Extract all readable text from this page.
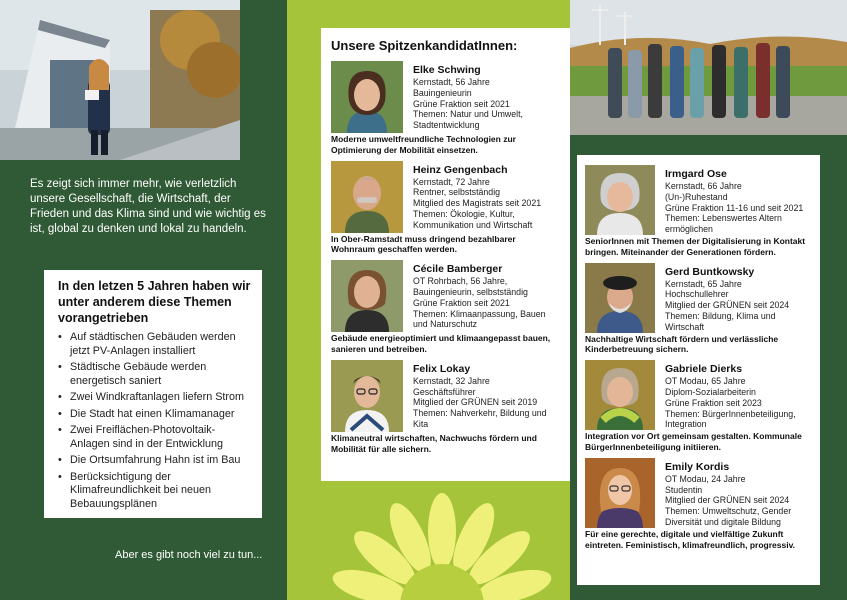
Es zeigt sich immer mehr, wie verletzlich unsere Gesellschaft, die Wirtschaft, der Frieden und das Klima sind und wie wichtig es ist, global zu denken und lokal zu handeln.
In den letzen 5 Jahren haben wir unter anderem diese Themen vorangetrieben
• Auf städtischen Gebäuden werden jetzt PV-Anlagen installiert
• Städtische Gebäude werden energetisch saniert
• Zwei Windkraftanlagen liefern Strom
• Die Stadt hat einen Klimamanager
• Zwei Freiflächen-Photovoltaik-Anlagen sind in der Entwicklung
• Die Ortsumfahrung Hahn ist im Bau
• Berücksichtigung der Klimafreundlichkeit bei neuen Bebauungsplänen
Aber es gibt noch viel zu tun...
Unsere SpitzenkandidatInnen:
Elke Schwing
Kernstadt, 56 Jahre
Bauingenieurin
Grüne Fraktion seit 2021
Themen: Natur und Umwelt, Stadtentwicklung
Moderne umweltfreundliche Technologien zur Optimierung der Mobilität einsetzen.
Heinz Gengenbach
Kernstadt, 72 Jahre
Rentner, selbstständig
Mitglied des Magistrats seit 2021
Themen: Ökologie, Kultur, Kommunikation und Wirtschaft
In Ober-Ramstadt muss dringend bezahlbarer Wohnraum geschaffen werden.
Cécile Bamberger
OT Rohrbach, 56 Jahre,
Bauingenieurin, selbstständig
Grüne Fraktion seit 2021
Themen: Klimaanpassung, Bauen und Naturschutz
Gebäude energieoptimiert und klimaangepasst bauen, sanieren und betreiben.
Felix Lokay
Kernstadt, 32 Jahre
Geschäftsführer
Mitglied der GRÜNEN seit 2019
Themen: Nahverkehr, Bildung und Kita
Klimaneutral wirtschaften, Nachwuchs fördern und Mobilität für alle sichern.
Irmgard Ose
Kernstadt, 66 Jahre
(Un-)Ruhestand
Grüne Fraktion 11-16 und seit 2021
Themen: Lebenswertes Altern ermöglichen
SeniorInnen mit Themen der Digitalisierung in Kontakt bringen. Miteinander der Generationen fördern.
Gerd Buntkowsky
Kernstadt, 65 Jahre
Hochschullehrer
Mitglied der GRÜNEN seit 2024
Themen: Bildung, Klima und Wirtschaft
Nachhaltige Wirtschaft fördern und verlässliche Kinderbetreuung sichern.
Gabriele Dierks
OT Modau, 65 Jahre
Diplom-Sozialarbeiterin
Grüne Fraktion seit 2023
Themen: BürgerInnenbeteiligung, Integration
Integration vor Ort gemeinsam gestalten. Kommunale BürgerInnenbeteiligung initiieren.
Emily Kordis
OT Modau, 24 Jahre
Studentin
Mitglied der GRÜNEN seit 2024
Themen: Umweltschutz, Gender Diversität und digitale Bildung
Für eine gerechte, digitale und vielfältige Zukunft eintreten. Feministisch, klimafreundlich, progressiv.
